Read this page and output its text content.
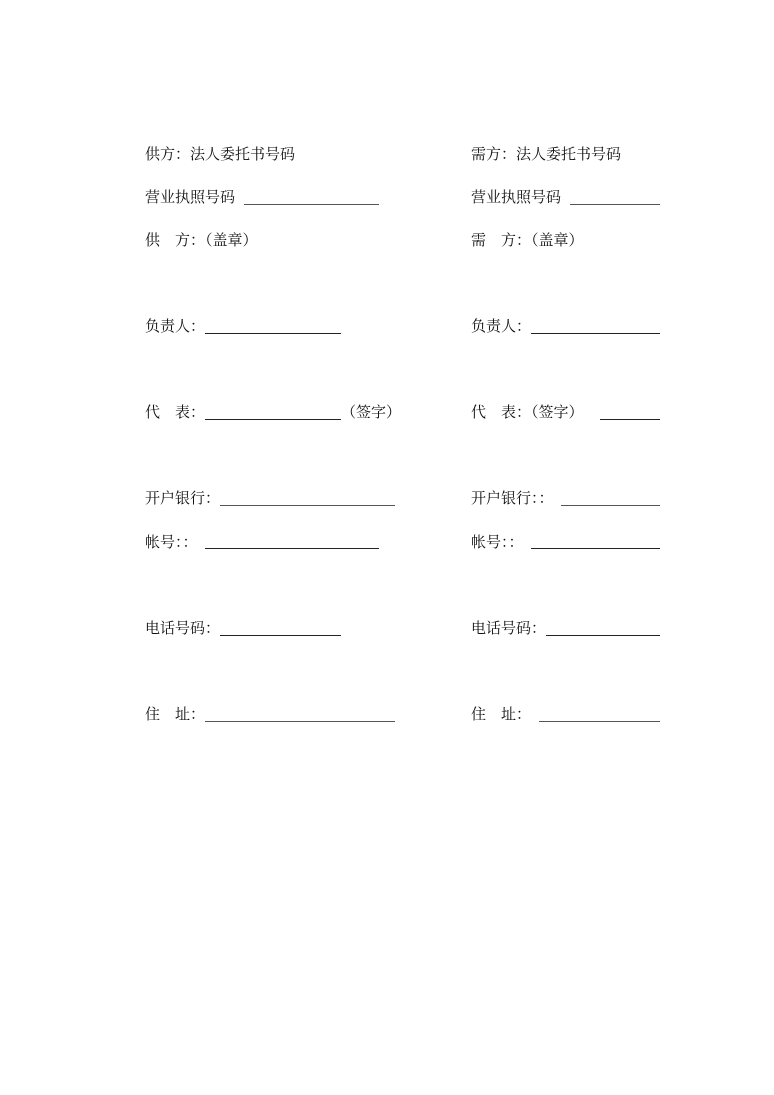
供方：法人委托书号码
营业执照号码
供　方：（盖章）
负责人：
代　表：	（签字）
开户银行：
帐号：：
电话号码：
住　址：
需方：法人委托书号码
营业执照号码
需　方：（盖章）
负责人：
代　表：（签字）
开户银行：：
帐号：：
电话号码：
住　址：
